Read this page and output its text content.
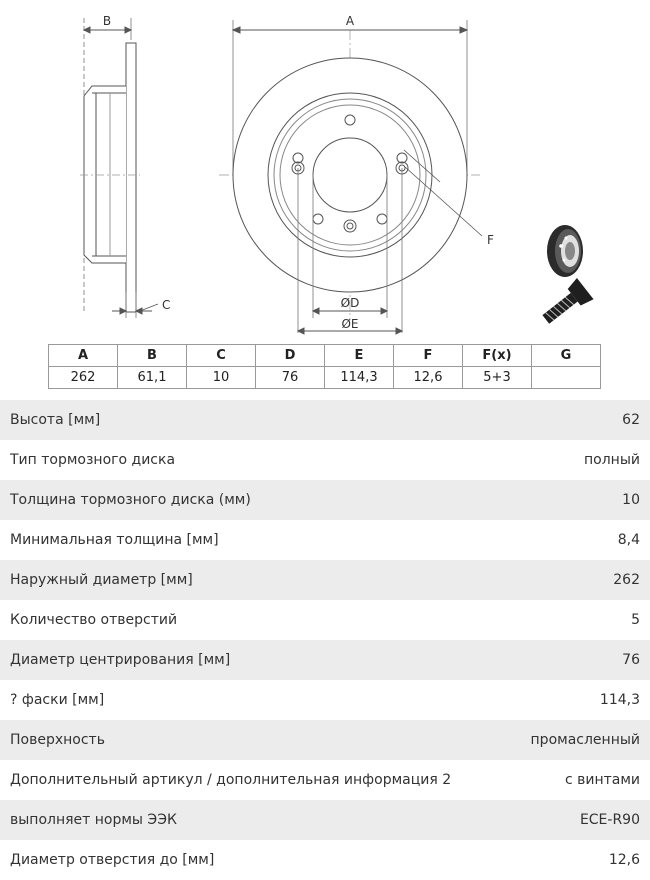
B	A
C
F
ØD
ØE
A	B	C	D	E	F	F(x)	G
262	61,1	10	76	114,3	12,6	5+3	
Высота [мм]	62
Тип тормозного диска	полный
Толщина тормозного диска (мм)	10
Минимальная толщина [мм]	8,4
Наружный диаметр [мм]	262
Количество отверстий	5
Диаметр центрирования [мм]	76
? фаски [мм]	114,3
Поверхность	промасленный
Дополнительный артикул / дополнительная информация 2	с винтами
выполняет нормы ЭЭК	ECE-R90
Диаметр отверстия до [мм]	12,6
